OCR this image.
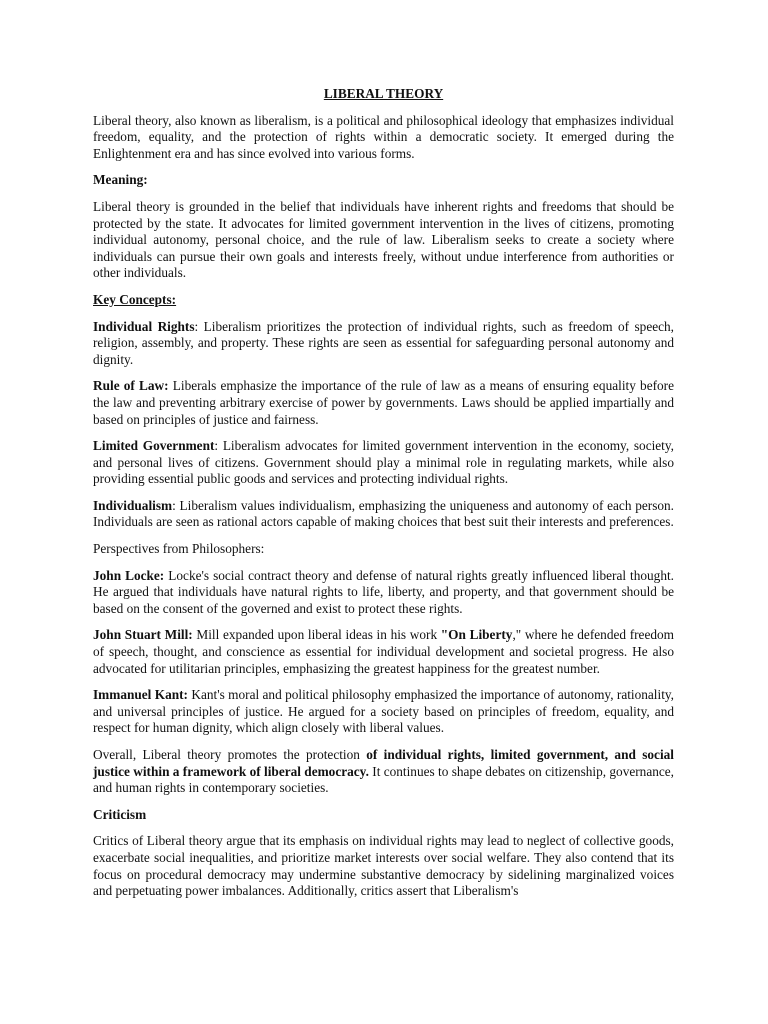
LIBERAL THEORY

Liberal theory, also known as liberalism, is a political and philosophical ideology that emphasizes individual freedom, equality, and the protection of rights within a democratic society. It emerged during the Enlightenment era and has since evolved into various forms.

Meaning:

Liberal theory is grounded in the belief that individuals have inherent rights and freedoms that should be protected by the state. It advocates for limited government intervention in the lives of citizens, promoting individual autonomy, personal choice, and the rule of law. Liberalism seeks to create a society where individuals can pursue their own goals and interests freely, without undue interference from authorities or other individuals.

Key Concepts:

Individual Rights: Liberalism prioritizes the protection of individual rights, such as freedom of speech, religion, assembly, and property. These rights are seen as essential for safeguarding personal autonomy and dignity.

Rule of Law: Liberals emphasize the importance of the rule of law as a means of ensuring equality before the law and preventing arbitrary exercise of power by governments. Laws should be applied impartially and based on principles of justice and fairness.

Limited Government: Liberalism advocates for limited government intervention in the economy, society, and personal lives of citizens. Government should play a minimal role in regulating markets, while also providing essential public goods and services and protecting individual rights.

Individualism: Liberalism values individualism, emphasizing the uniqueness and autonomy of each person. Individuals are seen as rational actors capable of making choices that best suit their interests and preferences.

Perspectives from Philosophers:

John Locke: Locke's social contract theory and defense of natural rights greatly influenced liberal thought. He argued that individuals have natural rights to life, liberty, and property, and that government should be based on the consent of the governed and exist to protect these rights.

John Stuart Mill: Mill expanded upon liberal ideas in his work "On Liberty," where he defended freedom of speech, thought, and conscience as essential for individual development and societal progress. He also advocated for utilitarian principles, emphasizing the greatest happiness for the greatest number.

Immanuel Kant: Kant's moral and political philosophy emphasized the importance of autonomy, rationality, and universal principles of justice. He argued for a society based on principles of freedom, equality, and respect for human dignity, which align closely with liberal values.

Overall, Liberal theory promotes the protection of individual rights, limited government, and social justice within a framework of liberal democracy. It continues to shape debates on citizenship, governance, and human rights in contemporary societies.

Criticism

Critics of Liberal theory argue that its emphasis on individual rights may lead to neglect of collective goods, exacerbate social inequalities, and prioritize market interests over social welfare. They also contend that its focus on procedural democracy may undermine substantive democracy by sidelining marginalized voices and perpetuating power imbalances. Additionally, critics assert that Liberalism's
